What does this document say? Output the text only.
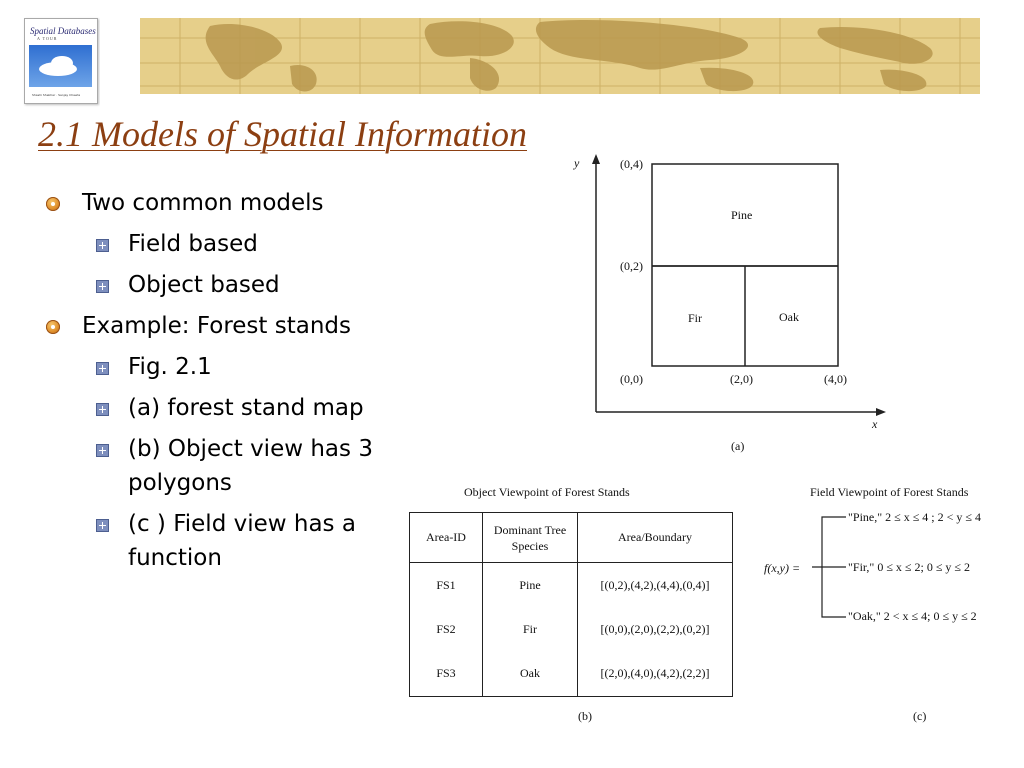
Spatial Databases
A TOUR
Shashi Shekhar · Sanjay Chawla
2.1 Models of Spatial Information
Two common models
Field based
Object based
Example: Forest stands
Fig. 2.1
(a) forest stand map
(b) Object view has 3 polygons
(c ) Field view has a function
y
x
(0,4)
(0,2)
(0,0)	(2,0)	(4,0)
Pine
Fir	Oak
(a)
Object Viewpoint of Forest Stands
Area-ID	Dominant Tree Species	Area/Boundary
FS1	Pine	[(0,2),(4,2),(4,4),(0,4)]
FS2	Fir	[(0,0),(2,0),(2,2),(0,2)]
FS3	Oak	[(2,0),(4,0),(4,2),(2,2)]
(b)
Field Viewpoint of Forest Stands
f(x,y) =
"Pine," 2 ≤ x ≤ 4 ; 2 < y ≤ 4
"Fir," 0 ≤ x ≤ 2; 0 ≤ y ≤ 2
"Oak," 2 < x ≤ 4; 0 ≤ y ≤ 2
(c)
